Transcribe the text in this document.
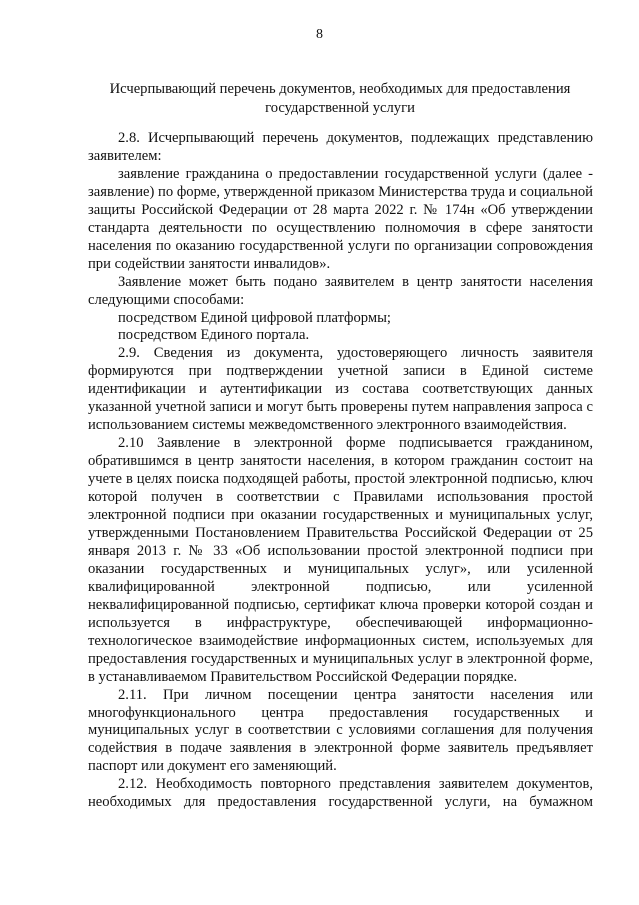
8
Исчерпывающий перечень документов, необходимых для предоставления
государственной услуги

2.8. Исчерпывающий перечень документов, подлежащих представлению заявителем:

заявление гражданина о предоставлении государственной услуги (далее - заявление) по форме, утвержденной приказом Министерства труда и социальной защиты Российской Федерации от 28 марта 2022 г. № 174н «Об утверждении стандарта деятельности по осуществлению полномочия в сфере занятости населения по оказанию государственной услуги по организации сопровождения при содействии занятости инвалидов».

Заявление может быть подано заявителем в центр занятости населения следующими способами:

посредством Единой цифровой платформы;

посредством Единого портала.

2.9. Сведения из документа, удостоверяющего личность заявителя формируются при подтверждении учетной записи в Единой системе идентификации и аутентификации из состава соответствующих данных указанной учетной записи и могут быть проверены путем направления запроса с использованием системы межведомственного электронного взаимодействия.

2.10 Заявление в электронной форме подписывается гражданином, обратившимся в центр занятости населения, в котором гражданин состоит на учете в целях поиска подходящей работы, простой электронной подписью, ключ которой получен в соответствии с Правилами использования простой электронной подписи при оказании государственных и муниципальных услуг, утвержденными Постановлением Правительства Российской Федерации от 25 января 2013 г. № 33 «Об использовании простой электронной подписи при оказании государственных и муниципальных услуг», или усиленной квалифицированной электронной подписью, или усиленной неквалифицированной подписью, сертификат ключа проверки которой создан и используется в инфраструктуре, обеспечивающей информационно-технологическое взаимодействие информационных систем, используемых для предоставления государственных и муниципальных услуг в электронной форме, в устанавливаемом Правительством Российской Федерации порядке.

2.11. При личном посещении центра занятости населения или многофункционального центра предоставления государственных и муниципальных услуг в соответствии с условиями соглашения для получения содействия в подаче заявления в электронной форме заявитель предъявляет паспорт или документ его заменяющий.

2.12. Необходимость повторного представления заявителем документов, необходимых для предоставления государственной услуги, на бумажном
